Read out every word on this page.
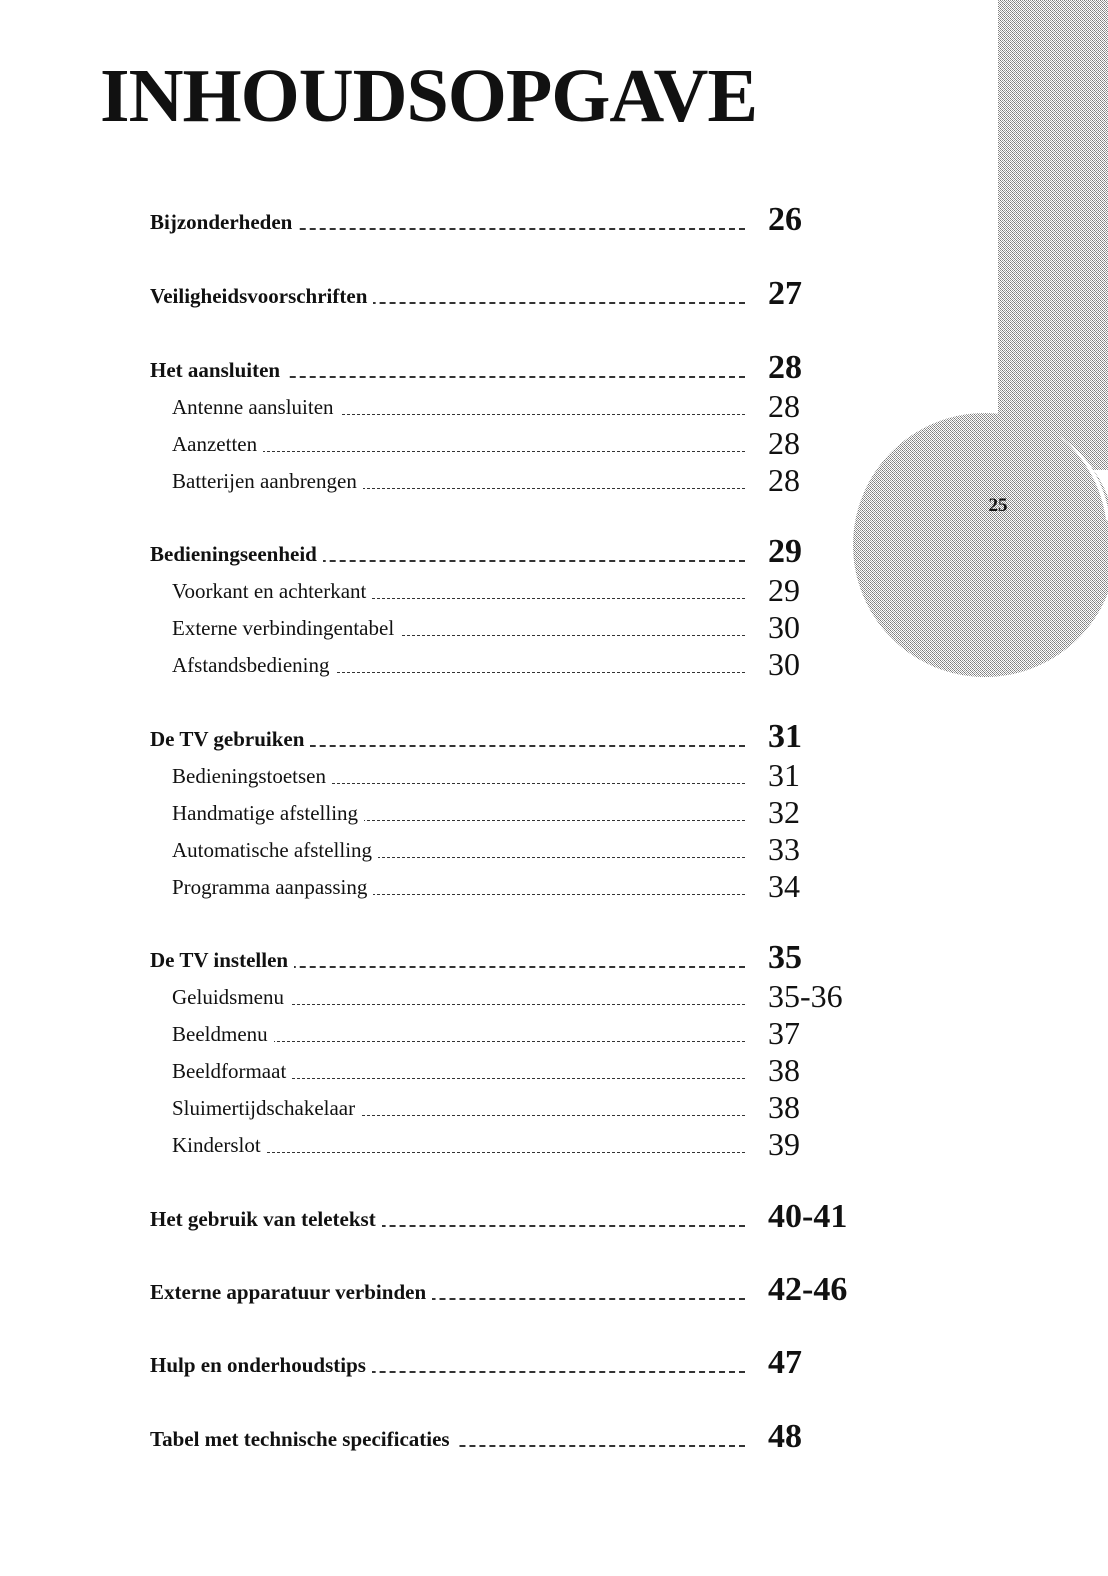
INHOUDSOPGAVE
25
Bijzonderheden	26
Veiligheidsvoorschriften	27
Het aansluiten	28
Antenne aansluiten	28
Aanzetten	28
Batterijen aanbrengen	28
Bedieningseenheid	29
Voorkant en achterkant	29
Externe verbindingentabel	30
Afstandsbediening	30
De TV gebruiken	31
Bedieningstoetsen	31
Handmatige afstelling	32
Automatische afstelling	33
Programma aanpassing	34
De TV instellen	35
Geluidsmenu	35-36
Beeldmenu	37
Beeldformaat	38
Sluimertijdschakelaar	38
Kinderslot	39
Het gebruik van teletekst	40-41
Externe apparatuur verbinden	42-46
Hulp en onderhoudstips	47
Tabel met technische specificaties	48
